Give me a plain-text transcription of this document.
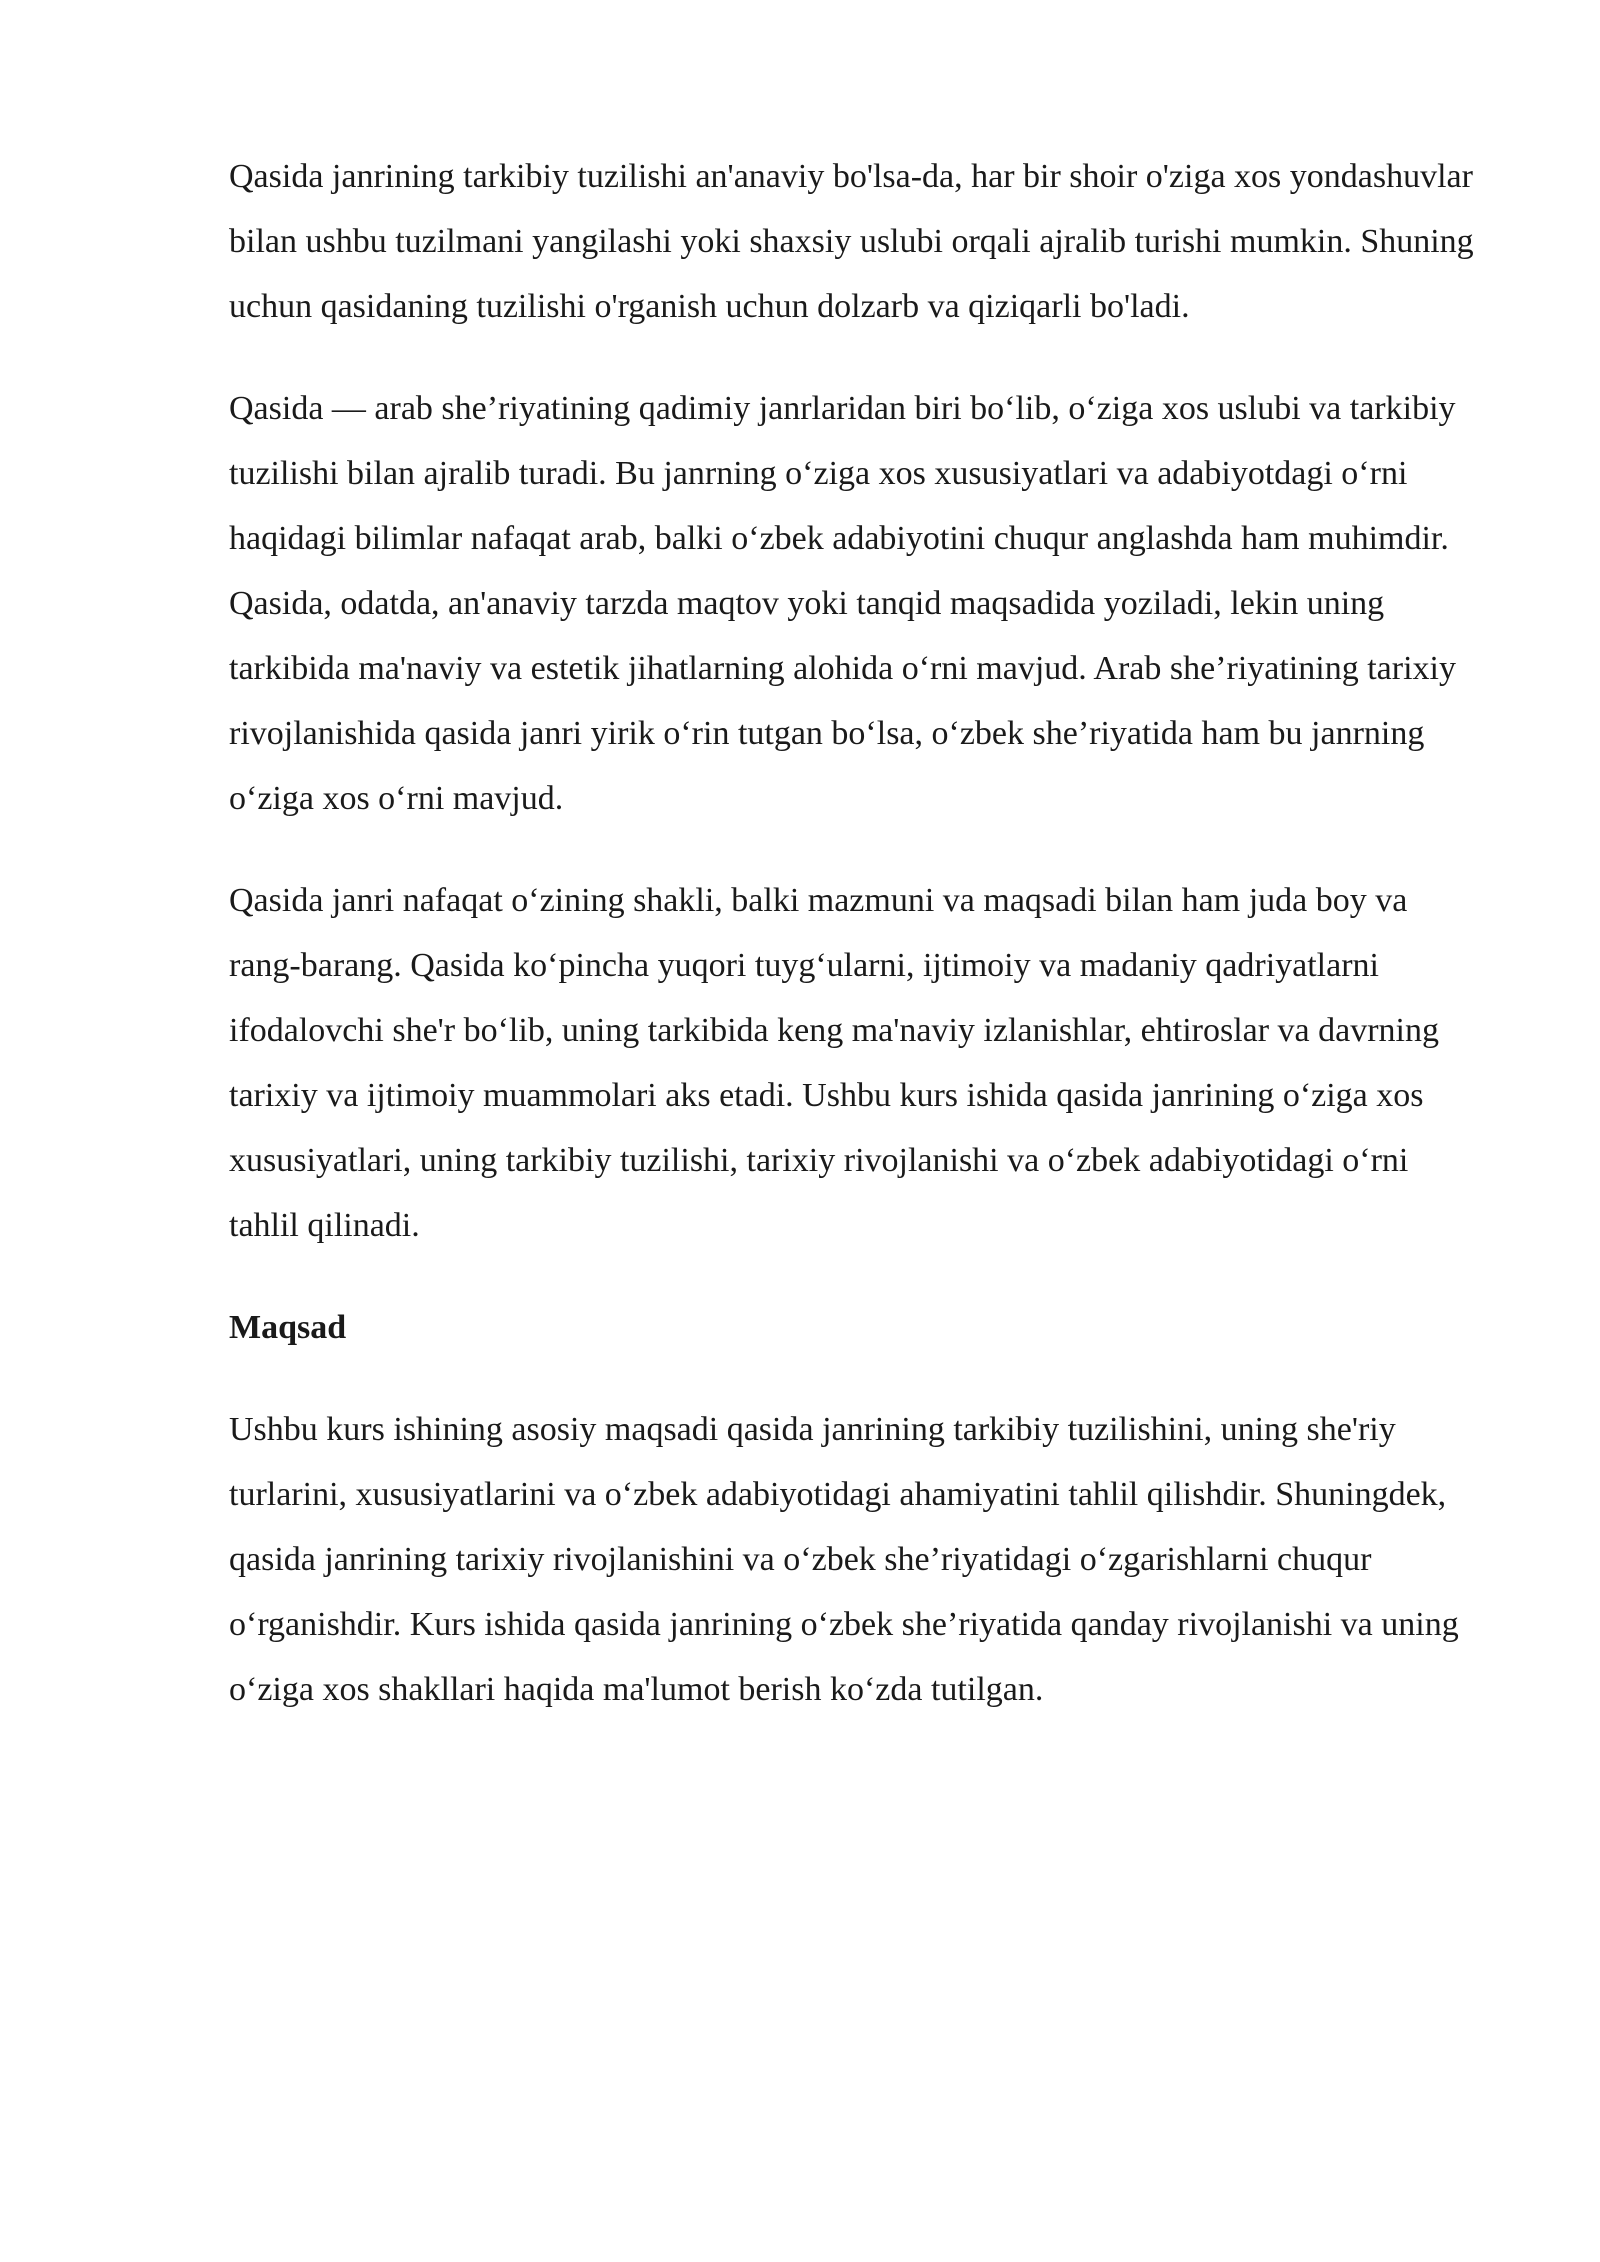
Qasida janrining tarkibiy tuzilishi an'anaviy bo'lsa-da, har bir shoir o'ziga xos yondashuvlar bilan ushbu tuzilmani yangilashi yoki shaxsiy uslubi orqali ajralib turishi mumkin. Shuning uchun qasidaning tuzilishi o'rganish uchun dolzarb va qiziqarli bo'ladi.

Qasida — arab she’riyatining qadimiy janrlaridan biri bo‘lib, o‘ziga xos uslubi va tarkibiy tuzilishi bilan ajralib turadi. Bu janrning o‘ziga xos xususiyatlari va adabiyotdagi o‘rni haqidagi bilimlar nafaqat arab, balki o‘zbek adabiyotini chuqur anglashda ham muhimdir. Qasida, odatda, an'anaviy tarzda maqtov yoki tanqid maqsadida yoziladi, lekin uning tarkibida ma'naviy va estetik jihatlarning alohida o‘rni mavjud. Arab she’riyatining tarixiy rivojlanishida qasida janri yirik o‘rin tutgan bo‘lsa, o‘zbek she’riyatida ham bu janrning o‘ziga xos o‘rni mavjud.

Qasida janri nafaqat o‘zining shakli, balki mazmuni va maqsadi bilan ham juda boy va rang-barang. Qasida ko‘pincha yuqori tuyg‘ularni, ijtimoiy va madaniy qadriyatlarni ifodalovchi she'r bo‘lib, uning tarkibida keng ma'naviy izlanishlar, ehtiroslar va davrning tarixiy va ijtimoiy muammolari aks etadi. Ushbu kurs ishida qasida janrining o‘ziga xos xususiyatlari, uning tarkibiy tuzilishi, tarixiy rivojlanishi va o‘zbek adabiyotidagi o‘rni tahlil qilinadi.

Maqsad

Ushbu kurs ishining asosiy maqsadi qasida janrining tarkibiy tuzilishini, uning she'riy turlarini, xususiyatlarini va o‘zbek adabiyotidagi ahamiyatini tahlil qilishdir. Shuningdek, qasida janrining tarixiy rivojlanishini va o‘zbek she’riyatidagi o‘zgarishlarni chuqur o‘rganishdir. Kurs ishida qasida janrining o‘zbek she’riyatida qanday rivojlanishi va uning o‘ziga xos shakllari haqida ma'lumot berish ko‘zda tutilgan.
